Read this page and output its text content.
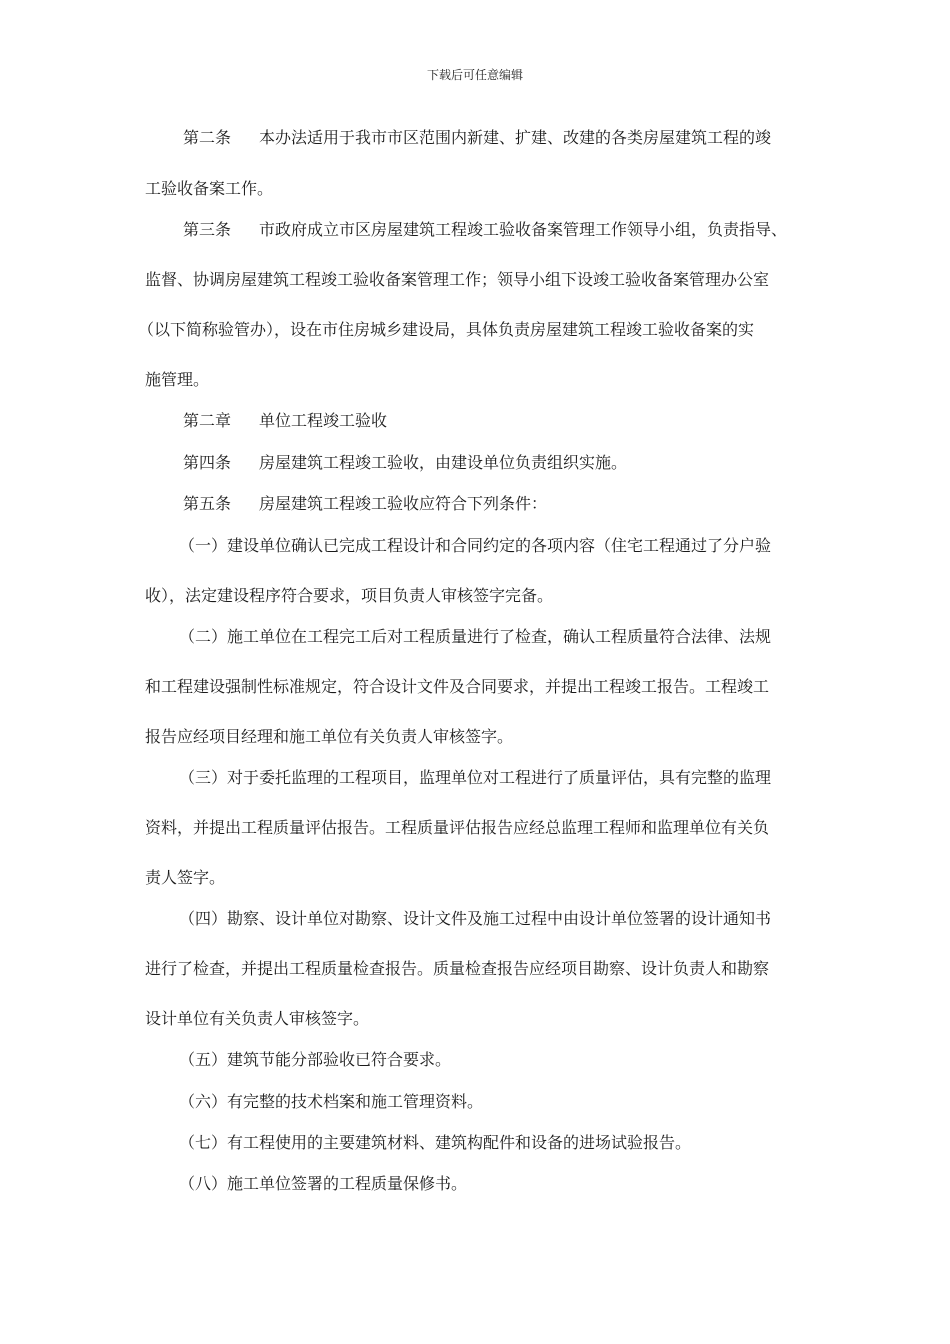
下载后可任意编辑
第二条 本办法适用于我市市区范围内新建、扩建、改建的各类房屋建筑工程的竣
工验收备案工作。
第三条 市政府成立市区房屋建筑工程竣工验收备案管理工作领导小组，负责指导、
监督、协调房屋建筑工程竣工验收备案管理工作；领导小组下设竣工验收备案管理办公室
（以下简称验管办），设在市住房城乡建设局，具体负责房屋建筑工程竣工验收备案的实
施管理。
第二章 单位工程竣工验收
第四条 房屋建筑工程竣工验收，由建设单位负责组织实施。
第五条 房屋建筑工程竣工验收应符合下列条件：
（一）建设单位确认已完成工程设计和合同约定的各项内容（住宅工程通过了分户验
收），法定建设程序符合要求，项目负责人审核签字完备。
（二）施工单位在工程完工后对工程质量进行了检查，确认工程质量符合法律、法规
和工程建设强制性标准规定，符合设计文件及合同要求，并提出工程竣工报告。工程竣工
报告应经项目经理和施工单位有关负责人审核签字。
（三）对于委托监理的工程项目，监理单位对工程进行了质量评估，具有完整的监理
资料，并提出工程质量评估报告。工程质量评估报告应经总监理工程师和监理单位有关负
责人签字。
（四）勘察、设计单位对勘察、设计文件及施工过程中由设计单位签署的设计通知书
进行了检查，并提出工程质量检查报告。质量检查报告应经项目勘察、设计负责人和勘察
设计单位有关负责人审核签字。
（五）建筑节能分部验收已符合要求。
（六）有完整的技术档案和施工管理资料。
（七）有工程使用的主要建筑材料、建筑构配件和设备的进场试验报告。
（八）施工单位签署的工程质量保修书。
